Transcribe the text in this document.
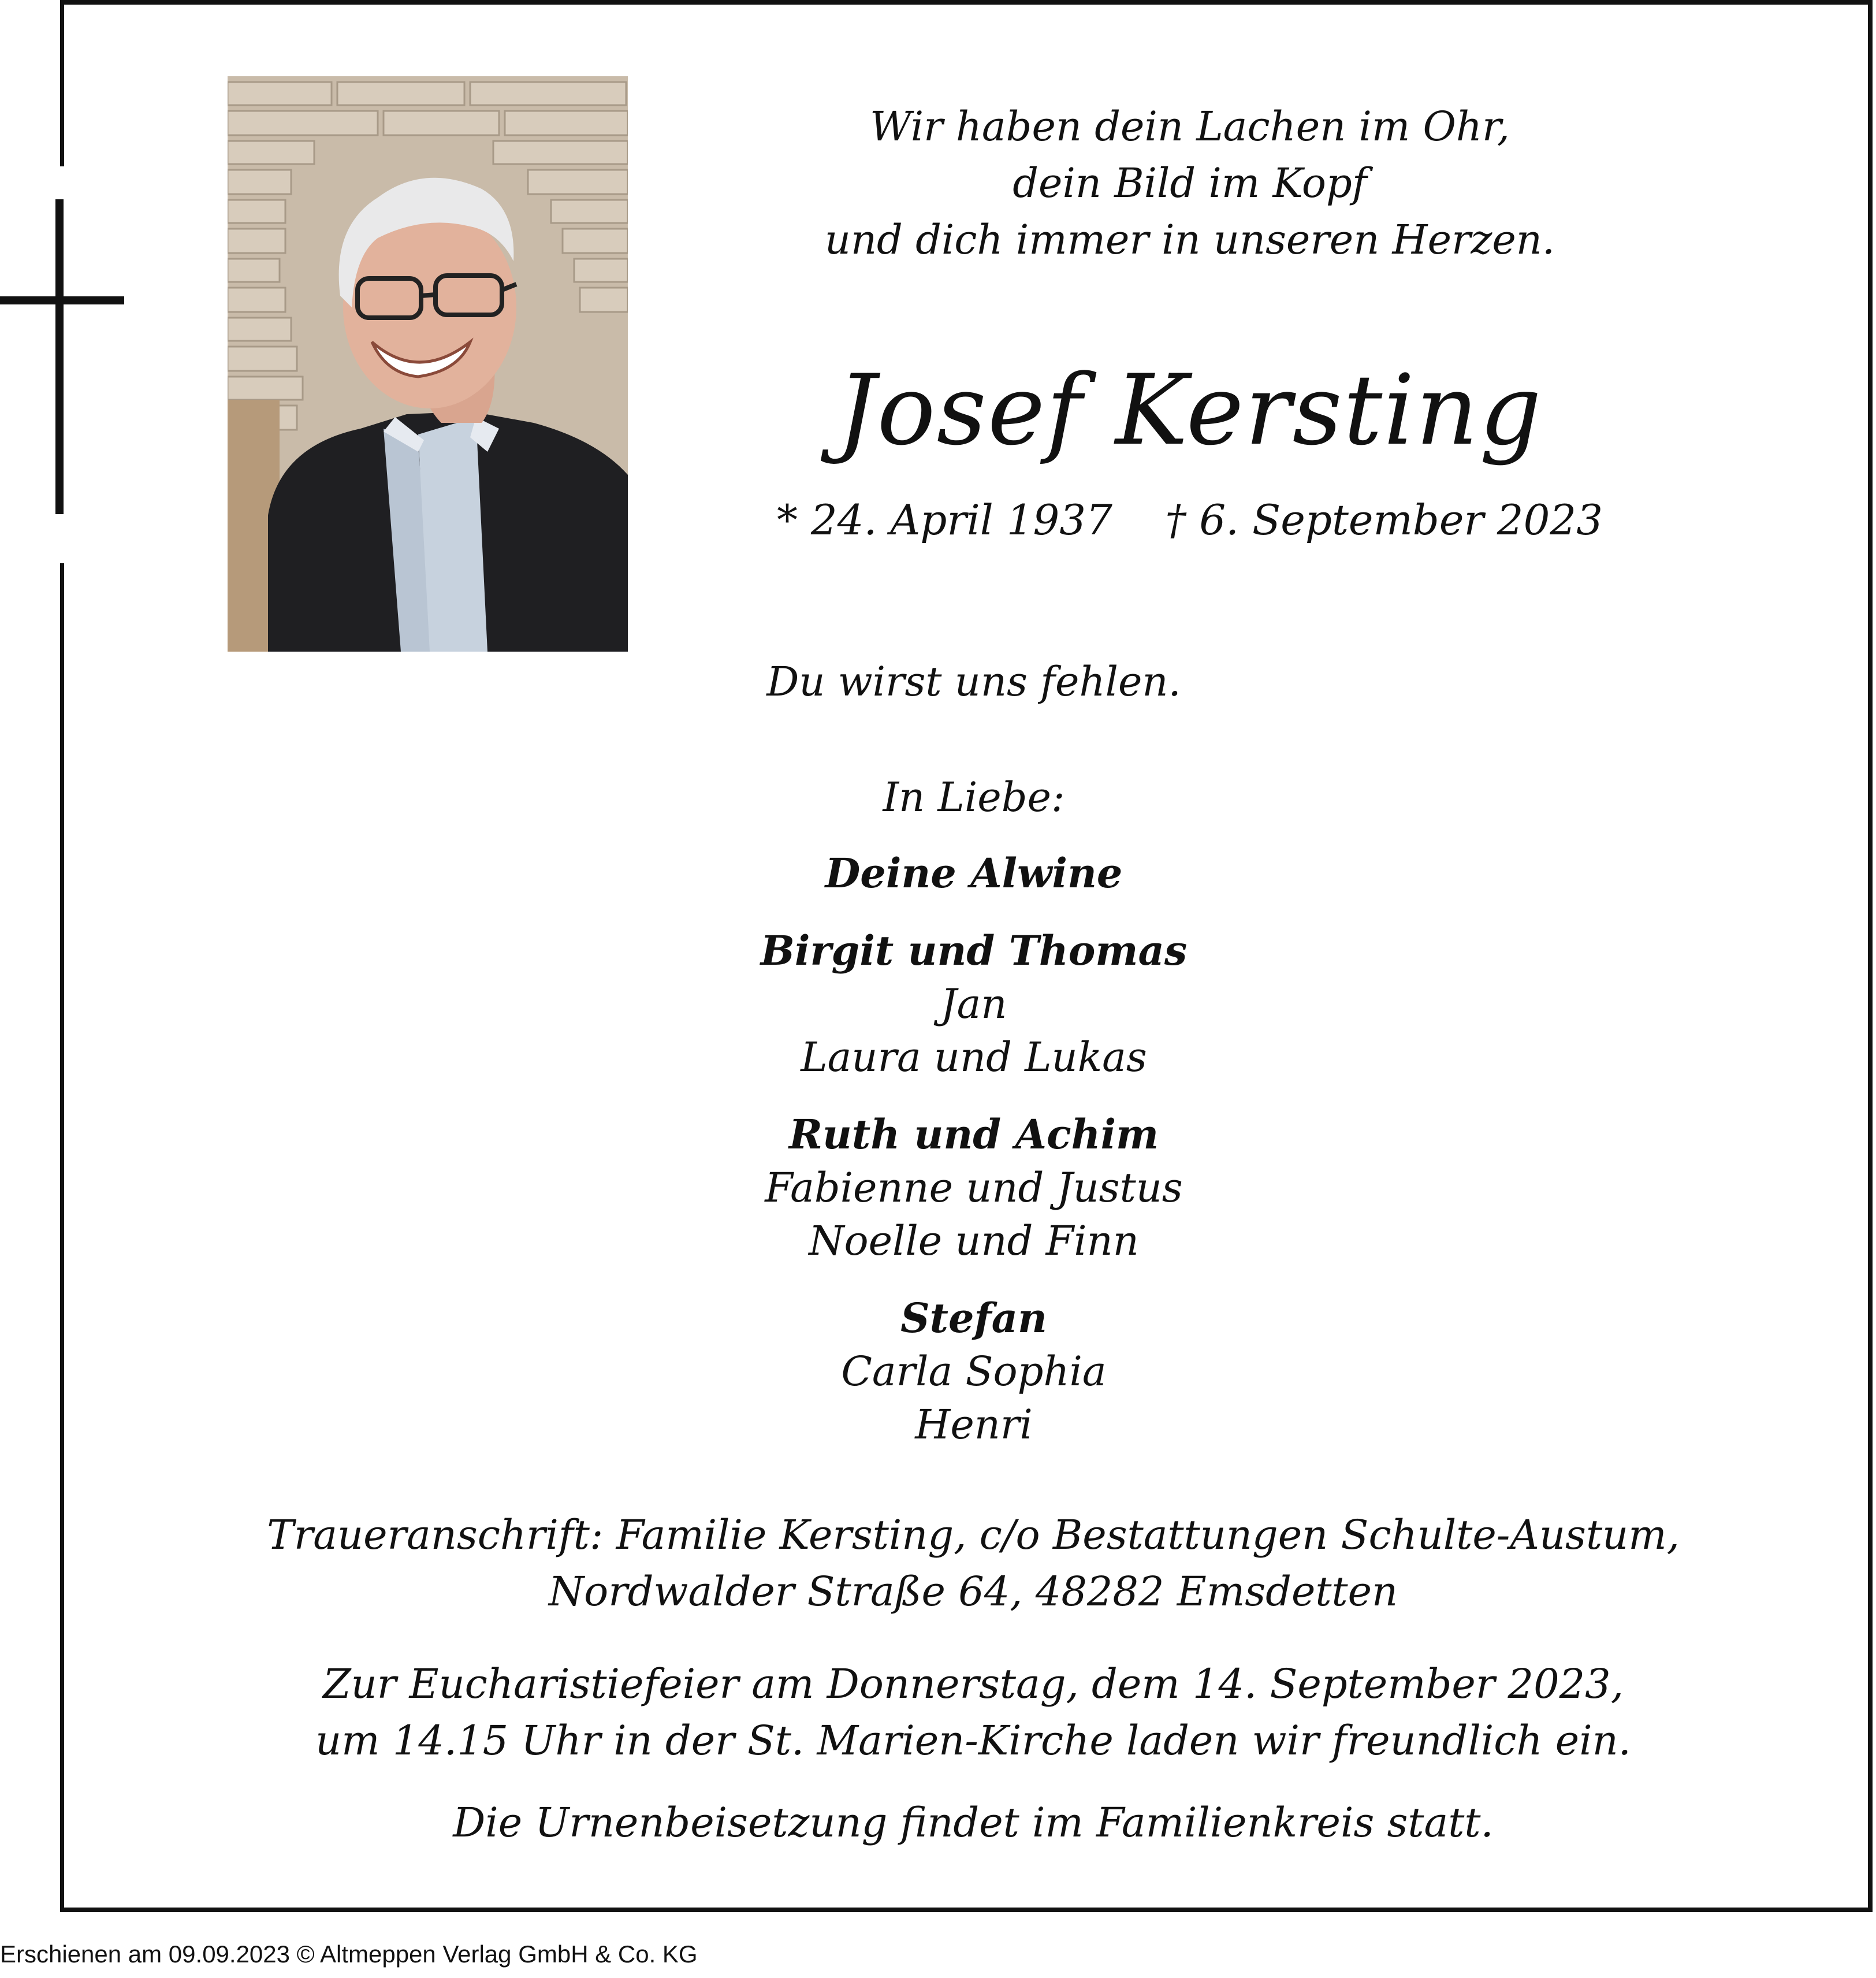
Wir haben dein Lachen im Ohr,
dein Bild im Kopf
und dich immer in unseren Herzen.
Josef Kersting
* 24. April 1937    † 6. September 2023
Du wirst uns fehlen.
In Liebe:
Deine Alwine
Birgit und Thomas
Jan
Laura und Lukas
Ruth und Achim
Fabienne und Justus
Noelle und Finn
Stefan
Carla Sophia
Henri
Traueranschrift: Familie Kersting, c/o Bestattungen Schulte-Austum,
Nordwalder Straße 64, 48282 Emsdetten
Zur Eucharistiefeier am Donnerstag, dem 14. September 2023,
um 14.15 Uhr in der St. Marien-Kirche laden wir freundlich ein.
Die Urnenbeisetzung findet im Familienkreis statt.
Erschienen am 09.09.2023 © Altmeppen Verlag GmbH & Co. KG
